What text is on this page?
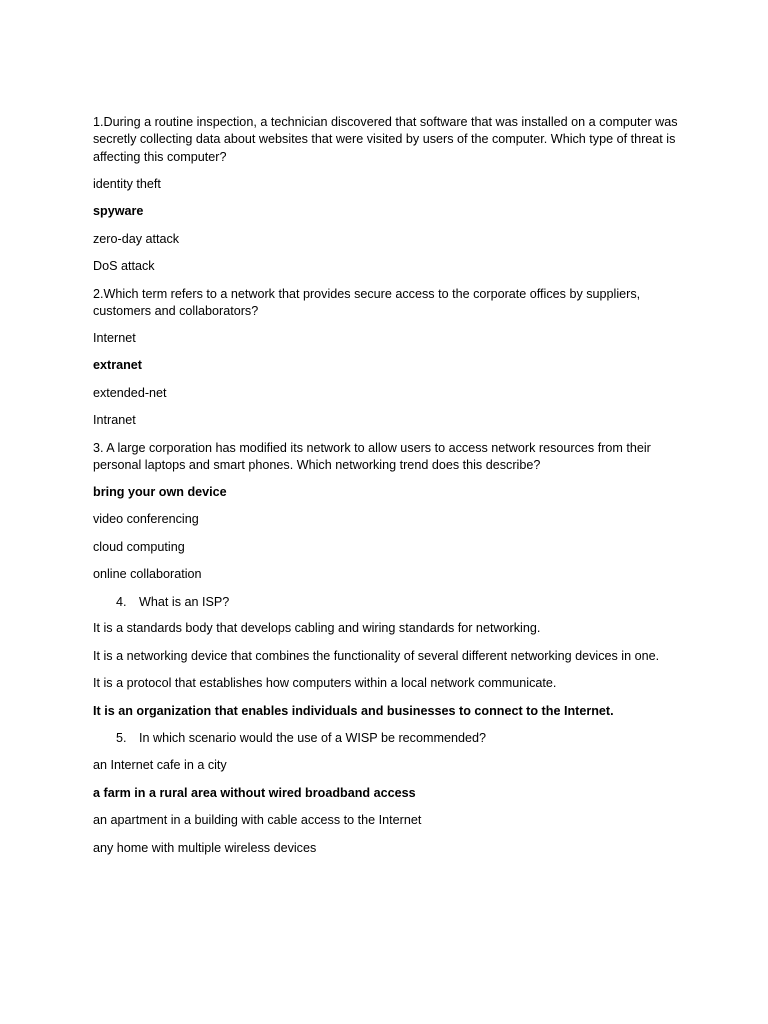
1.During a routine inspection, a technician discovered that software that was installed on a computer was secretly collecting data about websites that were visited by users of the computer. Which type of threat is affecting this computer?

identity theft

spyware

zero-day attack

DoS attack

2.Which term refers to a network that provides secure access to the corporate offices by suppliers, customers and collaborators?

Internet

extranet

extended-net

Intranet

3. A large corporation has modified its network to allow users to access network resources from their personal laptops and smart phones. Which networking trend does this describe?

bring your own device

video conferencing

cloud computing

online collaboration

4. What is an ISP?

It is a standards body that develops cabling and wiring standards for networking.

It is a networking device that combines the functionality of several different networking devices in one.

It is a protocol that establishes how computers within a local network communicate.

It is an organization that enables individuals and businesses to connect to the Internet.

5. In which scenario would the use of a WISP be recommended?

an Internet cafe in a city

a farm in a rural area without wired broadband access

an apartment in a building with cable access to the Internet

any home with multiple wireless devices
